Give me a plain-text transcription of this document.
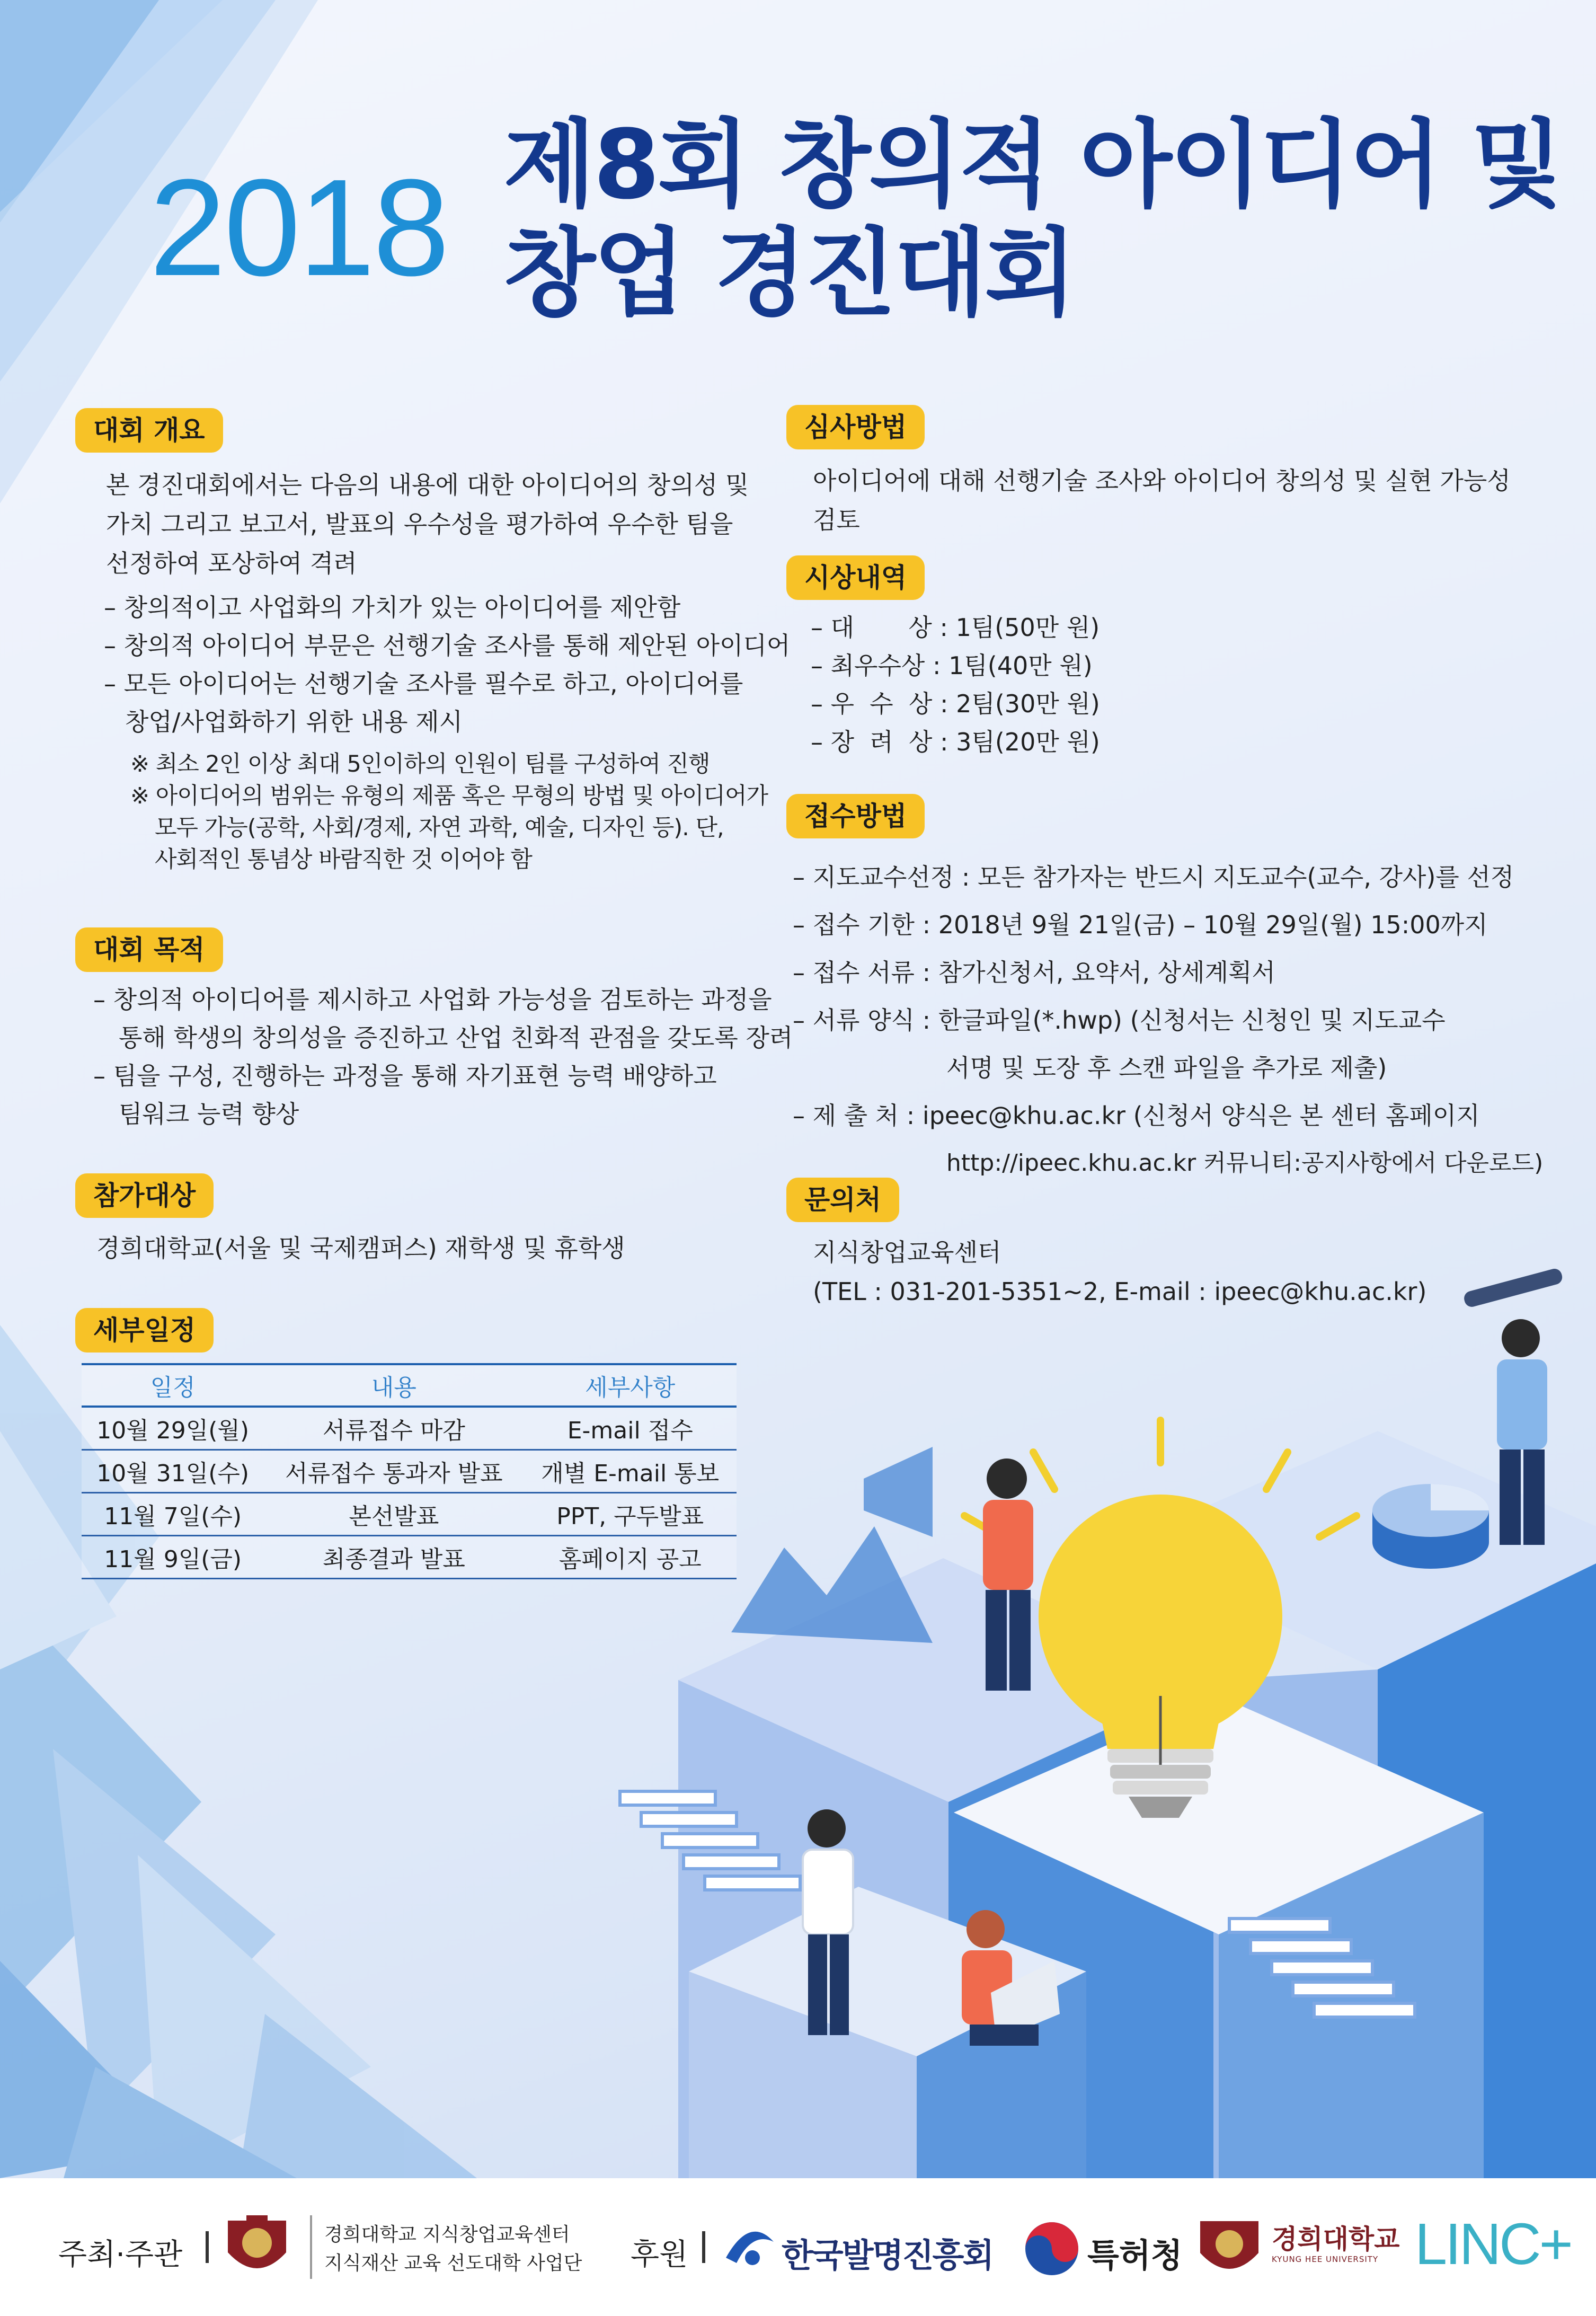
2018 제8회 창의적 아이디어 및
창업 경진대회
대회 개요
본 경진대회에서는 다음의 내용에 대한 아이디어의 창의성 및
가치 그리고 보고서, 발표의 우수성을 평가하여 우수한 팀을
선정하여 포상하여 격려
– 창의적이고 사업화의 가치가 있는 아이디어를 제안함
– 창의적 아이디어 부문은 선행기술 조사를 통해 제안된 아이디어
– 모든 아이디어는 선행기술 조사를 필수로 하고, 아이디어를
창업/사업화하기 위한 내용 제시
※ 최소 2인 이상 최대 5인이하의 인원이 팀를 구성하여 진행
※ 아이디어의 범위는 유형의 제품 혹은 무형의 방법 및 아이디어가
모두 가능(공학, 사회/경제, 자연 과학, 예술, 디자인 등). 단,
사회적인 통념상 바람직한 것 이어야 함
대회 목적
– 창의적 아이디어를 제시하고 사업화 가능성을 검토하는 과정을
통해 학생의 창의성을 증진하고 산업 친화적 관점을 갖도록 장려
– 팀을 구성, 진행하는 과정을 통해 자기표현 능력 배양하고
팀워크 능력 향상
참가대상
경희대학교(서울 및 국제캠퍼스) 재학생 및 휴학생
세부일정
일정	내용	세부사항
10월 29일(월)	서류접수 마감	E-mail 접수
10월 31일(수)	서류접수 통과자 발표	개별 E-mail 통보
11월 7일(수)	본선발표	PPT, 구두발표
11월 9일(금)	최종결과 발표	홈페이지 공고
심사방법
아이디어에 대해 선행기술 조사와 아이디어 창의성 및 실현 가능성
검토
시상내역
– 대       상 : 1팀(50만 원)
– 최우수상 : 1팀(40만 원)
– 우  수  상 : 2팀(30만 원)
– 장  려  상 : 3팀(20만 원)
접수방법
– 지도교수선정 : 모든 참가자는 반드시 지도교수(교수, 강사)를 선정
– 접수 기한 : 2018년 9월 21일(금) – 10월 29일(월) 15:00까지
– 접수 서류 : 참가신청서, 요약서, 상세계획서
– 서류 양식 : 한글파일(*.hwp) (신청서는 신청인 및 지도교수
서명 및 도장 후 스캔 파일을 추가로 제출)
– 제 출 처 : ipeec@khu.ac.kr (신청서 양식은 본 센터 홈페이지
http://ipeec.khu.ac.kr 커뮤니티:공지사항에서 다운로드)
문의처
지식창업교육센터
(TEL : 031-201-5351~2, E-mail : ipeec@khu.ac.kr)
주최·주관
경희대학교 지식창업교육센터
지식재산 교육 선도대학 사업단 후원	한국발명진흥회	특허청	경희대학교
KYUNG HEE UNIVERSITY LINC+
